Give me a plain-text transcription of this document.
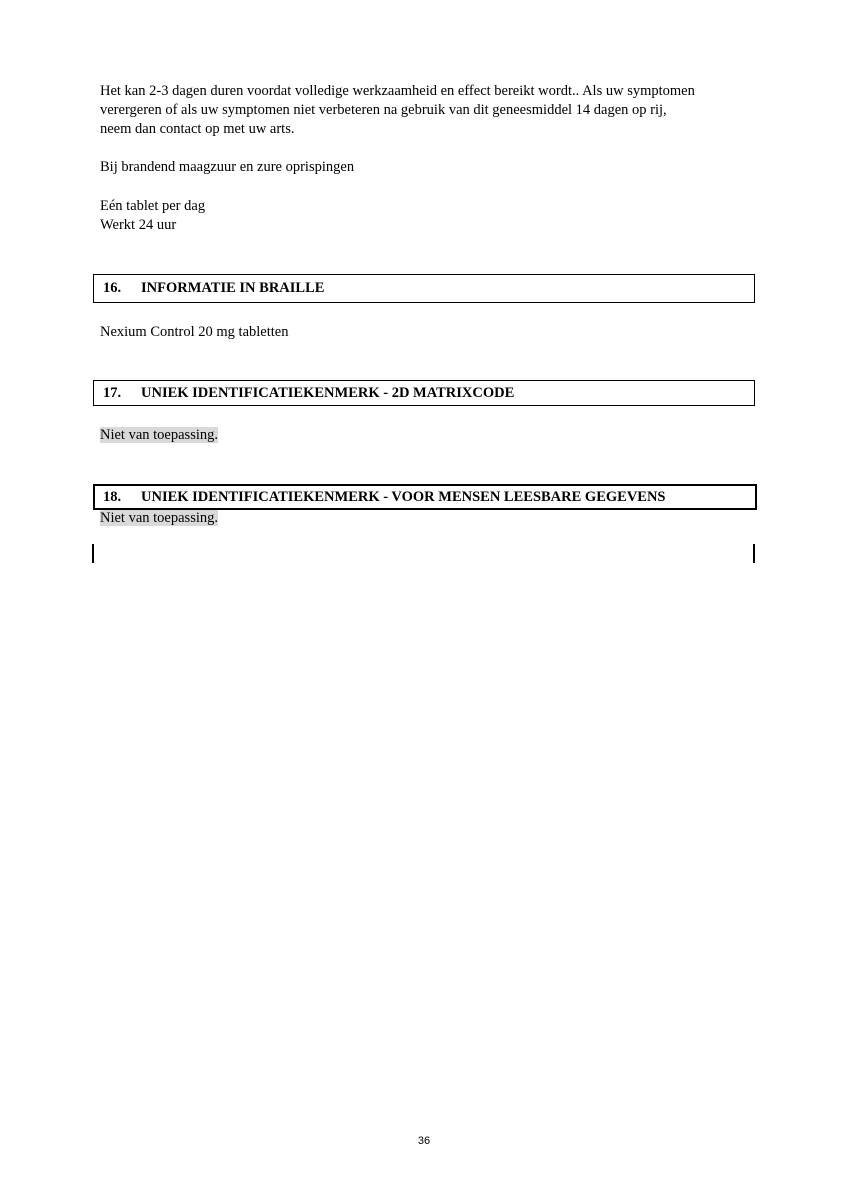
Het kan 2-3 dagen duren voordat volledige werkzaamheid en effect bereikt wordt.. Als uw symptomen
verergeren of als uw symptomen niet verbeteren na gebruik van dit geneesmiddel 14 dagen op rij,
neem dan contact op met uw arts.
Bij brandend maagzuur en zure oprispingen
Eén tablet per dag
Werkt 24 uur
16.	INFORMATIE IN BRAILLE
Nexium Control 20 mg tabletten
17.	UNIEK IDENTIFICATIEKENMERK - 2D MATRIXCODE
Niet van toepassing.
18.	UNIEK IDENTIFICATIEKENMERK - VOOR MENSEN LEESBARE GEGEVENS
Niet van toepassing.
36
